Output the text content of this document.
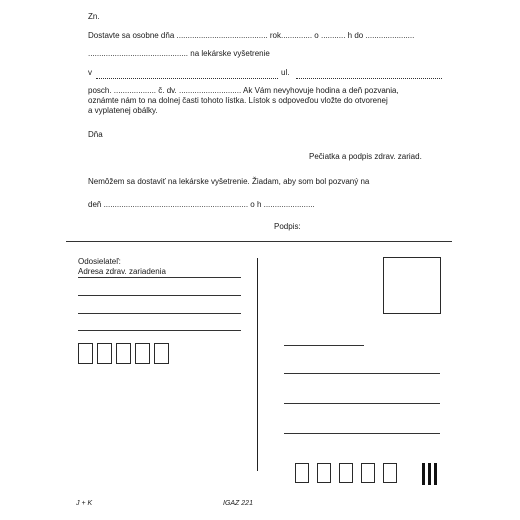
Zn.
Dostavte sa osobne dňa ......................................... rok.............. o ........... h do ......................
............................................. na lekárske vyšetrenie
v	ul.
posch. ................... č. dv. ............................ Ak Vám nevyhovuje hodina a deň pozvania,
oznámte nám to na dolnej časti tohoto lístka. Lístok s odpoveďou vložte do otvorenej
a vyplatenej obálky.
Dňa
Pečiatka a podpis zdrav. zariad.
Nemôžem sa dostaviť na lekárske vyšetrenie. Žiadam, aby som bol pozvaný na
deň ................................................................. o h .......................
Podpis:
Odosielateľ:
Adresa zdrav. zariadenia
J + K	IGAZ 221
